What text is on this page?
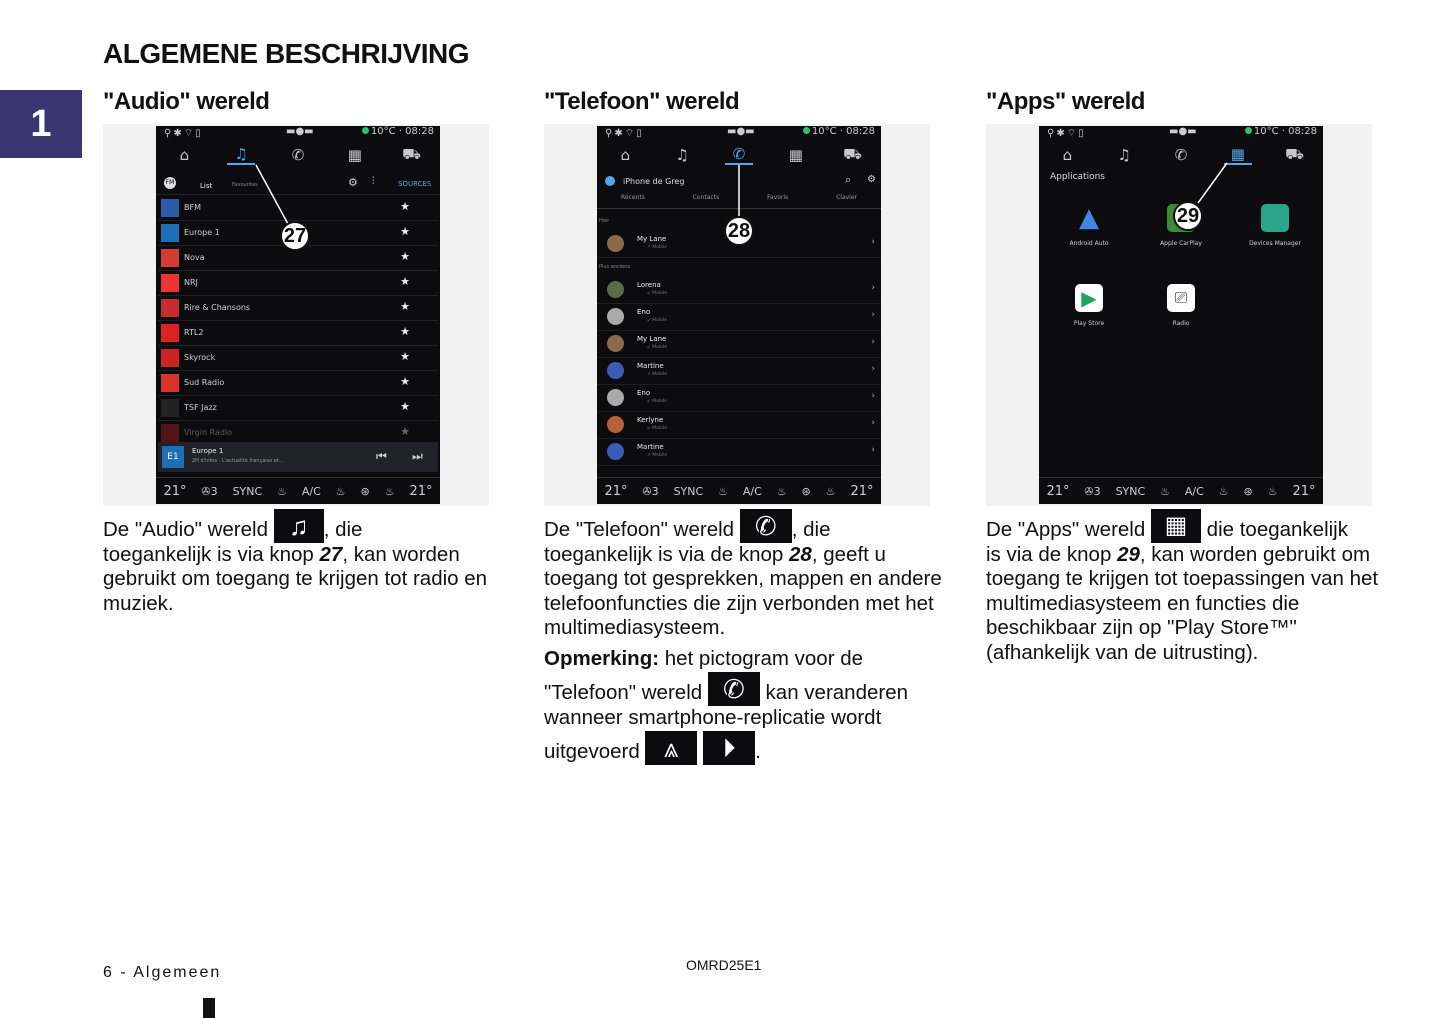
ALGEMENE BESCHRIJVING
1
"Audio" wereld	"Telefoon" wereld	"Apps" wereld
⚲✱⌔▯	▬●▬	10°C · 08:28
⌂	♫	✆	▦	⛟
FM	List	Favourites	⚙ ⫶	SOURCES
BFM	★
Europe 1	★
Nova	★
NRJ	★
Rire & Chansons	★
RTL2	★
Skyrock	★
Sud Radio	★
TSF Jazz	★
Virgin Radio	★
E1
Europe 1
2H d'infos · L'actualité française et...	⏮ ⏭
21° ✇3 SYNC ♨ A/C ♨ ⊛ ♨ 21°
⚲✱⌔▯	▬●▬	10°C · 08:28
⌂	♫	✆	▦	⛟
iPhone de Greg	⌕ ⚙
Récents	Contacts	Favoris	Clavier
Hier
My Lane
↗ Mobile
›
Plus anciens
Lorena
↙ Mobile
›
Eno
↙ Mobile
›
My Lane
↙ Mobile
›
Martine
↗ Mobile
›
Eno
↙ Mobile
›
Kerlyne
↙ Mobile
›
Martine
↗ Mobile
›
21° ✇3 SYNC ♨ A/C ♨ ⊛ ♨ 21°
⚲✱⌔▯	▬●▬	10°C · 08:28
⌂	♫	✆	▦	⛟
Applications
▲
Android Auto	Apple CarPlay	Devices Manager
▶
Play Store
⎚
Radio
21° ✇3 SYNC ♨ A/C ♨ ⊛ ♨ 21°
27	28
29
De "Audio" wereld ♫ , die
toegankelijk is via knop 27, kan worden gebruikt om toegang te krijgen tot radio en muziek.
De "Telefoon" wereld ✆ , die
toegankelijk is via de knop 28, geeft u toegang tot gesprekken, mappen en andere telefoonfuncties die zijn verbonden met het multimediasysteem.
Opmerking: het pictogram voor de
"Telefoon" wereld ✆ kan veranderen
wanneer smartphone-replicatie wordt
uitgevoerd ⩓ ⏵ .
De "Apps" wereld ▦ die toegankelijk
is via de knop 29, kan worden gebruikt om toegang te krijgen tot toepassingen van het multimediasysteem en functies die beschikbaar zijn op "Play Store™" (afhankelijk van de uitrusting).
6 - Algemeen	OMRD25E1
